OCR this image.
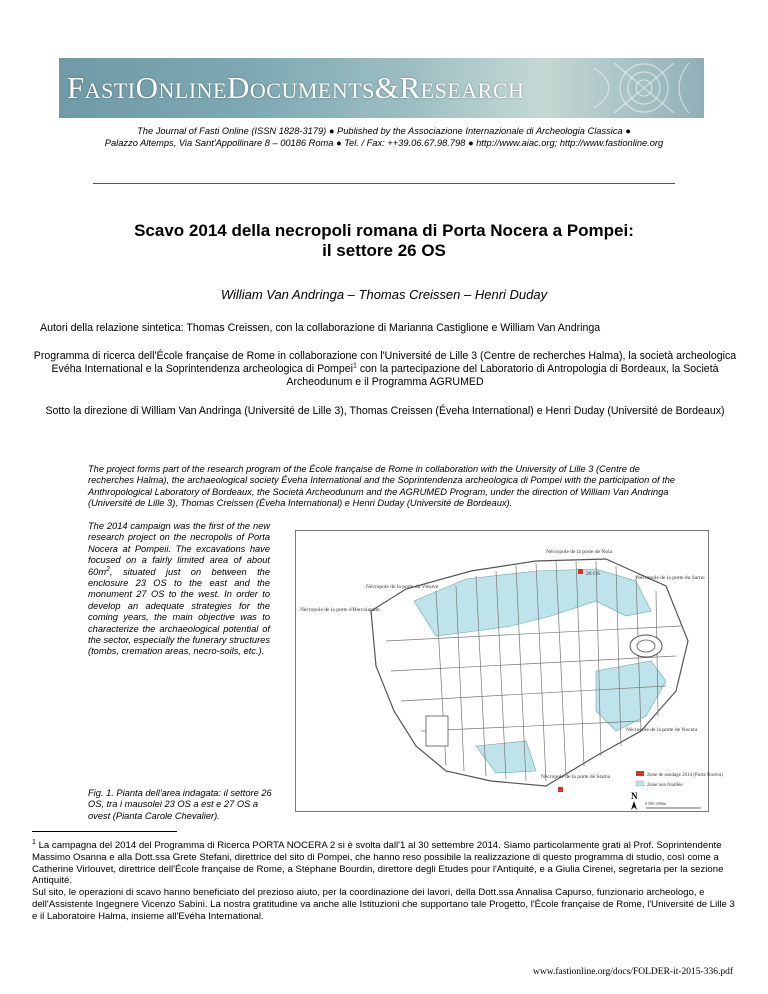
FastiOnlineDocuments&Research
The Journal of Fasti Online (ISSN 1828-3179) ● Published by the Associazione Internazionale di Archeologia Classica ●
Palazzo Altemps, Via Sant'Appollinare 8 – 00186 Roma ● Tel. / Fax: ++39.06.67.98.798 ● http://www.aiac.org; http://www.fastionline.org
Scavo 2014 della necropoli romana di Porta Nocera a Pompei:
il settore 26 OS
William Van Andringa – Thomas Creissen – Henri Duday
Autori della relazione sintetica: Thomas Creissen, con la collaborazione di Marianna Castiglione e William Van Andringa
Programma di ricerca dell'École française de Rome in collaborazione con l'Université de Lille 3 (Centre de recherches Halma), la società archeologica Evéha International e la Soprintendenza archeologica di Pompei$^1$ con la partecipazione del Laboratorio di Antropologia di Bordeaux, la Società Archeodunum e il Programma AGRUMED
Sotto la direzione di William Van Andringa (Université de Lille 3), Thomas Creissen (Éveha International) e Henri Duday (Université de Bordeaux)
The project forms part of the research program of the École française de Rome in collaboration with the University of Lille 3 (Centre de recherches Halma), the archaeological society Éveha International and the Soprintendenza archeologica di Pompei with the participation of the Anthropological Laboratory of Bordeaux, the Società Archeodunum and the AGRUMED Program, under the direction of William Van Andringa (Université de Lille 3), Thomas Creissen (Éveha International) e Henri Duday (Université de Bordeaux).
The 2014 campaign was the first of the new research project on the necropolis of Porta Nocera at Pompeii. The excavations have focused on a fairly limited area of about $60m^2$, situated just on between the enclosure 23 OS to the east and the monument 27 OS to the west. In order to develop an adequate strategies for the coming years, the main objective was to characterize the archaeological potential of the sector, especially the funerary structures (tombs, cremation areas, necro-soils, etc.).
Nécropole de la porte de Nola
26 OS
Nécropole de la porte du Vésuve
Nécropole de la porte du Sarno
Nécropole de la porte d'Herculanum
Nécropole de la porte de Nocera
Nécropole de la porte de Stabia	Zone de sondage 2014 (Porta Nocera)
Zone non fouillée
N
0 500 1000m
Fig. 1. Pianta dell'area indagata: il settore 26 OS, tra i mausolei 23 OS a est e 27 OS a ovest (Pianta Carole Chevalier).
$^1$ La campagna del 2014 del Programma di Ricerca PORTA NOCERA 2 si è svolta dall'1 al 30 settembre 2014. Siamo particolarmente grati al Prof. Soprintendente Massimo Osanna e alla Dott.ssa Grete Stefani, direttrice del sito di Pompei, che hanno reso possibile la realizzazione di questo programma di studio, così come a Catherine Virlouvet, direttrice dell'École française de Rome, a Stéphane Bourdin, direttore degli Etudes pour l'Antiquité, e a Giulia Cirenei, segretaria per la sezione Antiquité.
Sul sito, le operazioni di scavo hanno beneficiato del prezioso aiuto, per la coordinazione dei lavori, della Dott.ssa Annalisa Capurso, funzionario archeologo, e dell'Assistente Ingegnere Vicenzo Sabini. La nostra gratitudine va anche alle Istituzioni che supportano tale Progetto, l'École française de Rome, l'Université de Lille 3 e il Laboratoire Halma, insieme all'Evéha International.
www.fastionline.org/docs/FOLDER-it-2015-336.pdf
